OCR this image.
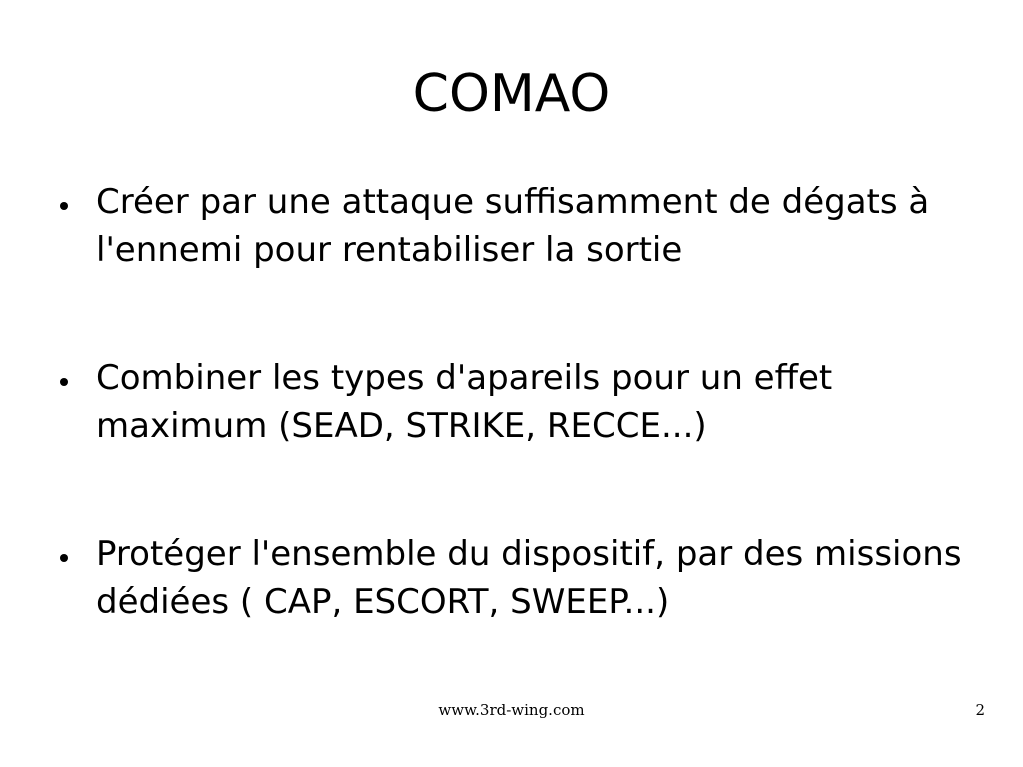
COMAO
Créer par une attaque suffisamment de dégats à l'ennemi pour rentabiliser la sortie
Combiner les types d'apareils pour un effet maximum (SEAD, STRIKE, RECCE...)
Protéger l'ensemble du dispositif, par des missions dédiées ( CAP, ESCORT, SWEEP...)
www.3rd-wing.com	2
